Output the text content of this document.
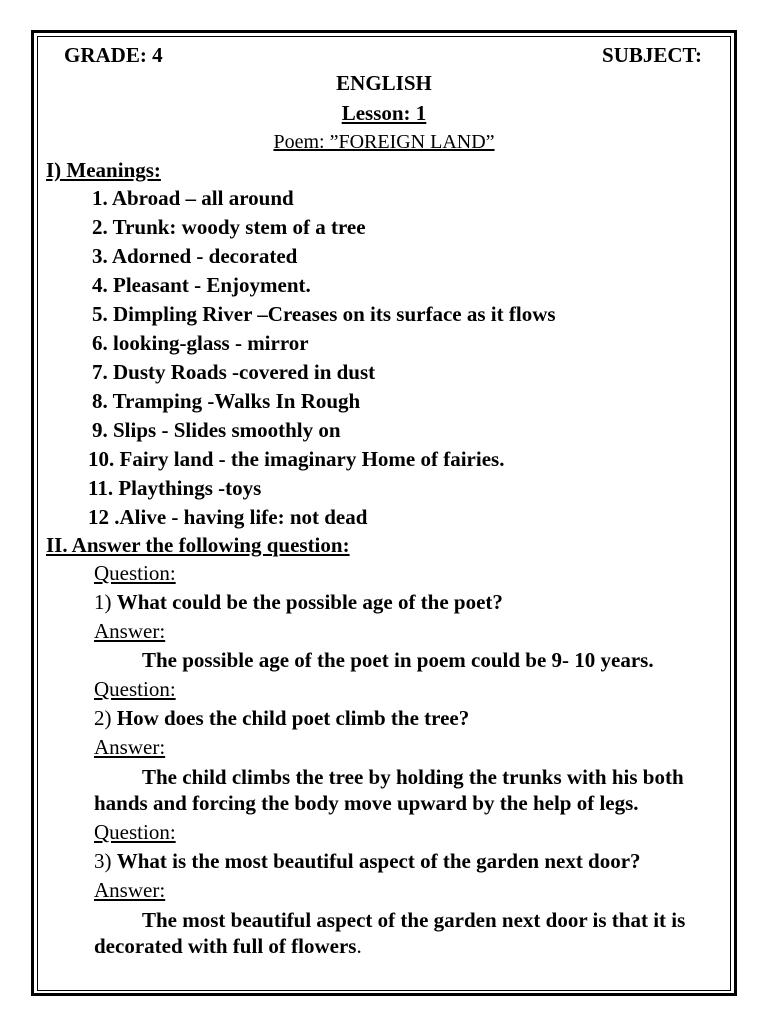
GRADE: 4	SUBJECT:
ENGLISH
Lesson: 1
Poem: ”FOREIGN LAND”
I) Meanings:
1. Abroad – all around
2. Trunk: woody stem of a tree
3. Adorned - decorated
4. Pleasant - Enjoyment.
5. Dimpling River –Creases on its surface as it flows
6. looking-glass - mirror
7. Dusty Roads -covered in dust
8. Tramping -Walks In Rough
9. Slips - Slides smoothly on
10. Fairy land - the imaginary Home of fairies.
11. Playthings -toys
12 .Alive - having life: not dead
II. Answer the following question:
Question:
1) What could be the possible age of the poet?
Answer:
The possible age of the poet in poem could be 9- 10 years.
Question:
2) How does the child poet climb the tree?
Answer:
The child climbs the tree by holding the trunks with his both hands and forcing the body move upward by the help of legs.
Question:
3) What is the most beautiful aspect of the garden next door?
Answer:
The most beautiful aspect of the garden next door is that it is decorated with full of flowers.
